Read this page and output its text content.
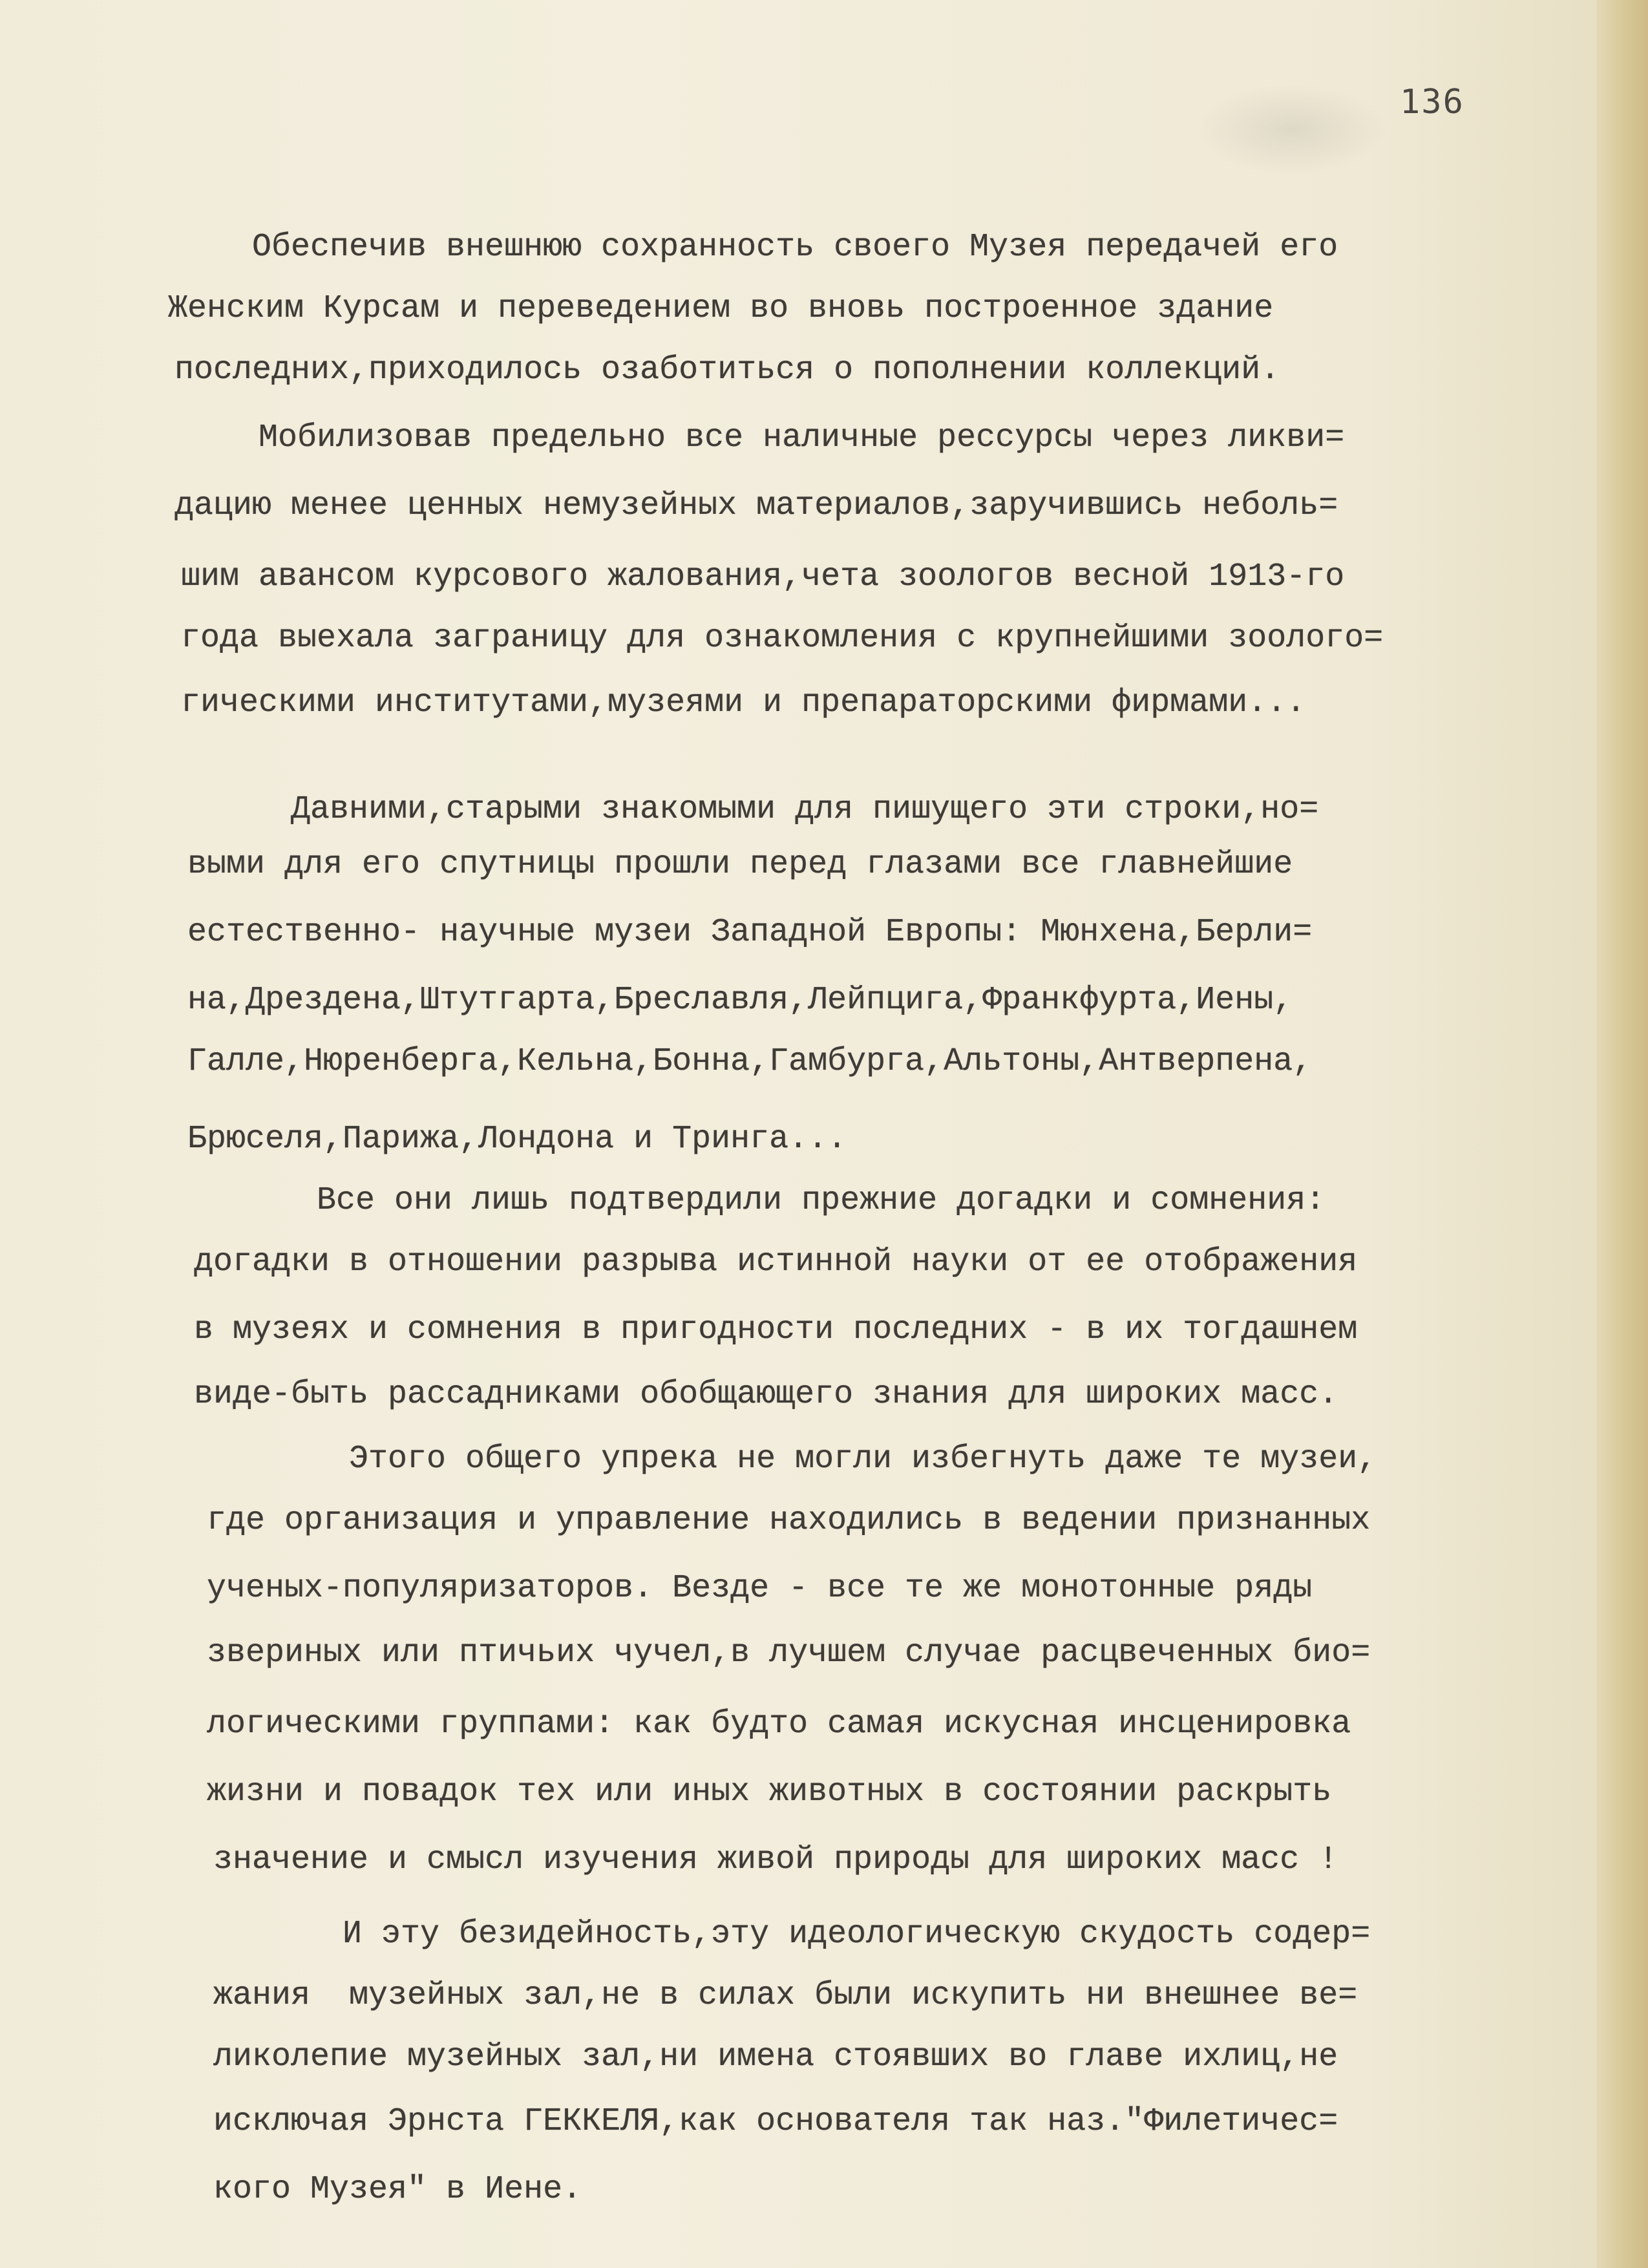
136

Обеспечив внешнюю сохранность своего Музея передачей его

Женским Курсам и переведением во вновь построенное здание

последних,приходилось озаботиться о пополнении коллекций.

Мобилизовав предельно все наличные рессурсы через ликви=

дацию менее ценных немузейных материалов,заручившись неболь=

шим авансом курсового жалования,чета зоологов весной 1913-го

года выехала заграницу для ознакомления с крупнейшими зоолого=

гическими институтами,музеями и препараторскими фирмами...

Давними,старыми знакомыми для пишущего эти строки,но=

выми для его спутницы прошли перед глазами все главнейшие

естественно- научные музеи Западной Европы: Мюнхена,Берли=

на,Дрездена,Штутгарта,Бреславля,Лейпцига,Франкфурта,Иены,

Галле,Нюренберга,Кельна,Бонна,Гамбурга,Альтоны,Антверпена,

Брюселя,Парижа,Лондона и Тринга...

Все они лишь подтвердили прежние догадки и сомнения:

догадки в отношении разрыва истинной науки от ее отображения

в музеях и сомнения в пригодности последних - в их тогдашнем

виде-быть рассадниками обобщающего знания для широких масс.

Этого общего упрека не могли избегнуть даже те музеи,

где организация и управление находились в ведении признанных

ученых-популяризаторов. Везде - все те же монотонные ряды

звериных или птичьих чучел,в лучшем случае расцвеченных био=

логическими группами: как будто самая искусная инсценировка

жизни и повадок тех или иных животных в состоянии раскрыть

значение и смысл изучения живой природы для широких масс !

И эту безидейность,эту идеологическую скудость содер=

жания  музейных зал,не в силах были искупить ни внешнее ве=

ликолепие музейных зал,ни имена стоявших во главе ихлиц,не

исключая Эрнста ГЕККЕЛЯ,как основателя так наз."Филетичес=

кого Музея" в Иене.
